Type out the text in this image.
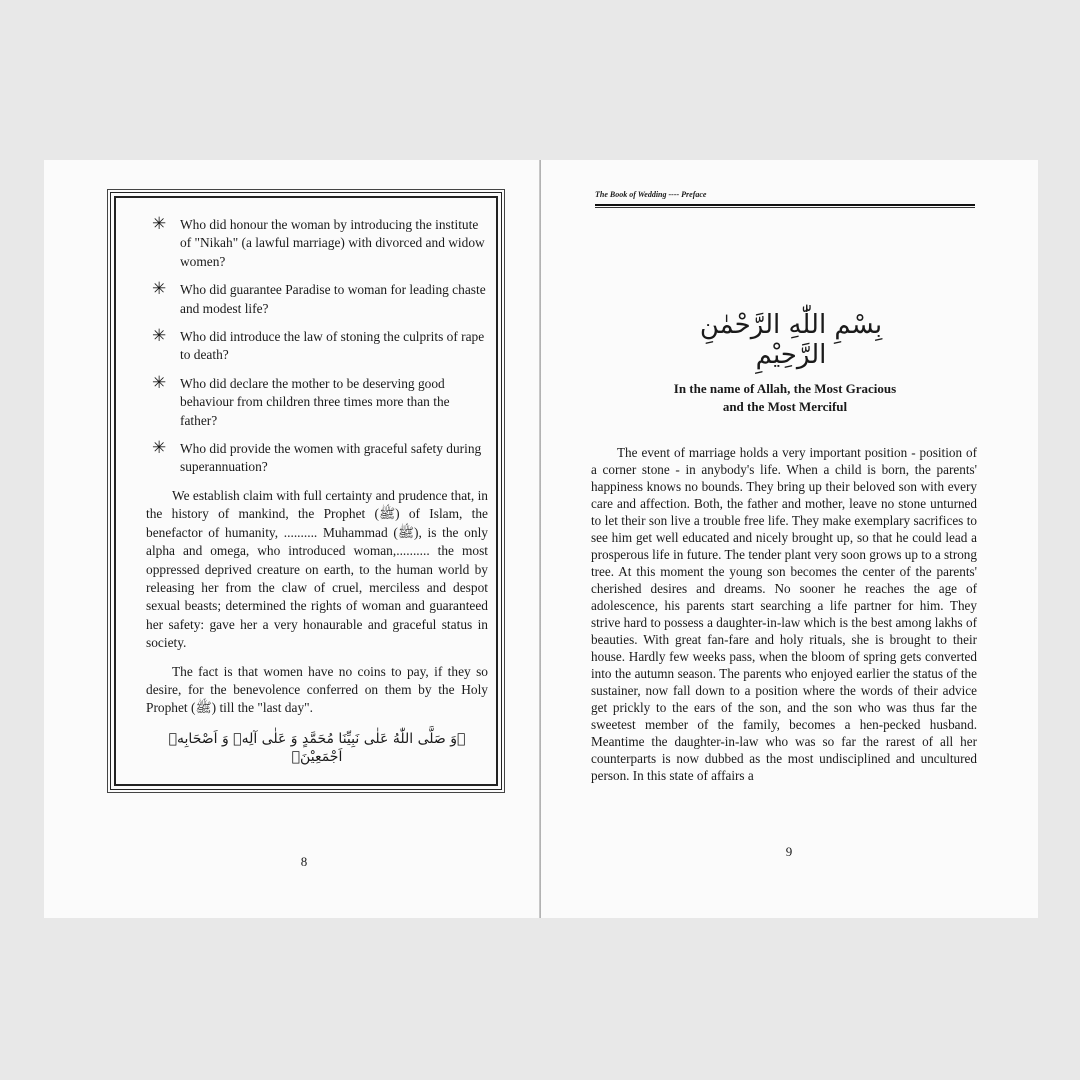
✳ Who did honour the woman by introducing the institute of "Nikah" (a lawful marriage) with divorced and widow women?
✳ Who did guarantee Paradise to woman for leading chaste and modest life?
✳ Who did introduce the law of stoning the culprits of rape to death?
✳ Who did declare the mother to be deserving good behaviour from children three times more than the father?
✳ Who did provide the women with graceful safety during superannuation?

We establish claim with full certainty and prudence that, in the history of mankind, the Prophet (ﷺ) of Islam, the benefactor of humanity, .......... Muhammad (ﷺ), is the only alpha and omega, who introduced woman,.......... the most oppressed deprived creature on earth, to the human world by releasing her from the claw of cruel, merciless and despot sexual beasts; determined the rights of woman and guaranteed her safety: gave her a very honaurable and graceful status in society.

The fact is that women have no coins to pay, if they so desire, for the benevolence conferred on them by the Holy Prophet (ﷺ) till the "last day".

﴿وَ صَلَّى اللّٰهُ عَلٰى نَبِيِّنَا مُحَمَّدٍ وَ عَلٰى آلِهٖ وَ اَصْحَابِهٖ اَجْمَعِيْنَ﴾
8
The Book of Wedding ---- Preface
بِسْمِ اللّٰهِ الرَّحْمٰنِ الرَّحِيْمِ
In the name of Allah, the Most Gracious
and the Most Merciful
The event of marriage holds a very important position - position of a corner stone - in anybody's life. When a child is born, the parents' happiness knows no bounds. They bring up their beloved son with every care and affection. Both, the father and mother, leave no stone unturned to let their son live a trouble free life. They make exemplary sacrifices to see him get well educated and nicely brought up, so that he could lead a prosperous life in future. The tender plant very soon grows up to a strong tree. At this moment the young son becomes the center of the parents' cherished desires and dreams. No sooner he reaches the age of adolescence, his parents start searching a life partner for him. They strive hard to possess a daughter-in-law which is the best among lakhs of beauties. With great fan-fare and holy rituals, she is brought to their house. Hardly few weeks pass, when the bloom of spring gets converted into the autumn season. The parents who enjoyed earlier the status of the sustainer, now fall down to a position where the words of their advice get prickly to the ears of the son, and the son who was thus far the sweetest member of the family, becomes a hen-pecked husband. Meantime the daughter-in-law who was so far the rarest of all her counterparts is now dubbed as the most undisciplined and uncultured person. In this state of affairs a
9
